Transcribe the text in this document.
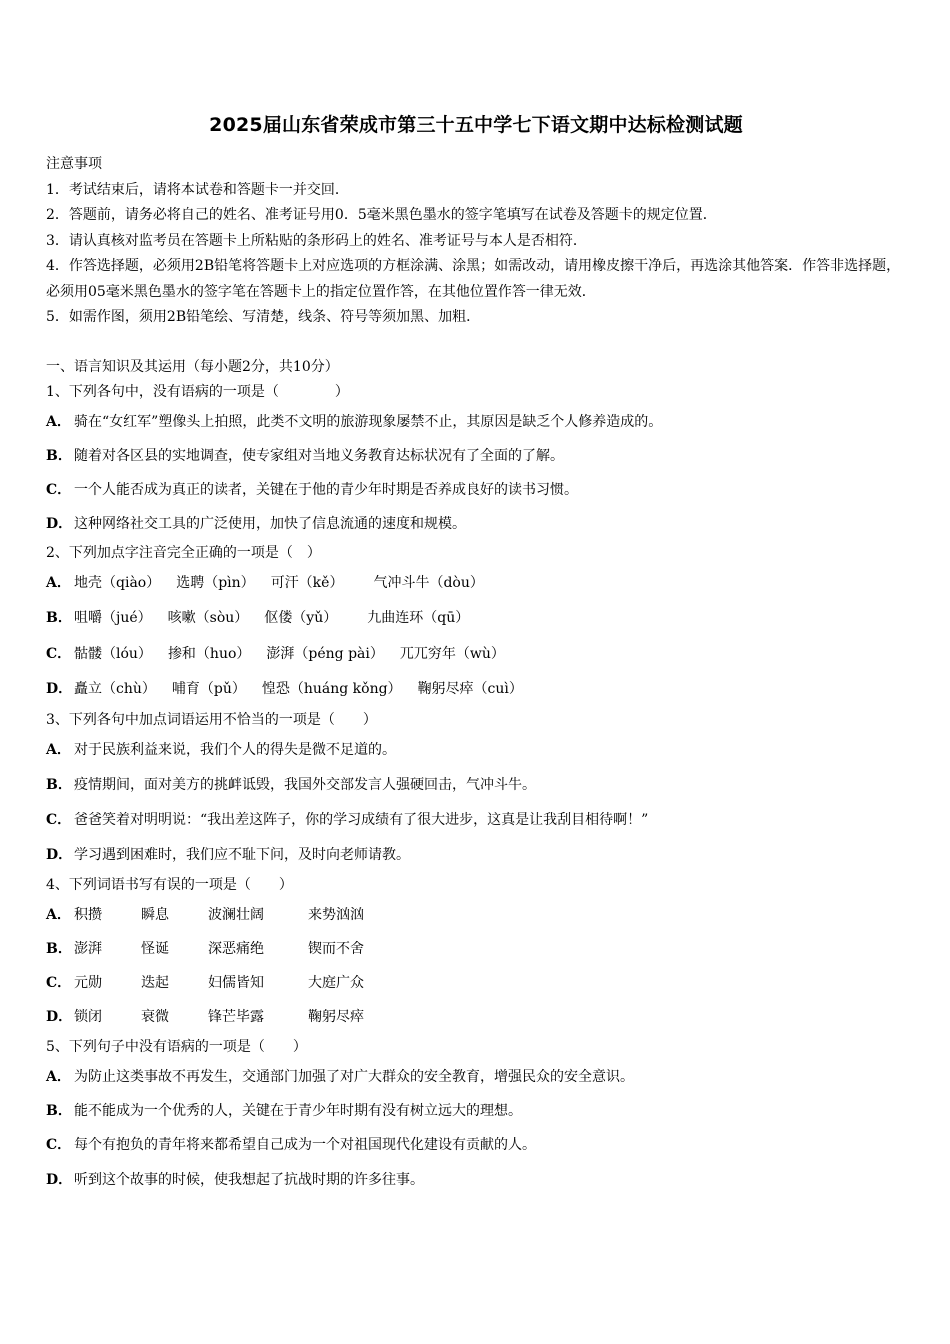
2025届山东省荣成市第三十五中学七下语文期中达标检测试题
注意事项
1．考试结束后，请将本试卷和答题卡一并交回．
2．答题前，请务必将自己的姓名、准考证号用0．5毫米黑色墨水的签字笔填写在试卷及答题卡的规定位置．
3．请认真核对监考员在答题卡上所粘贴的条形码上的姓名、准考证号与本人是否相符．
4．作答选择题，必须用2B铅笔将答题卡上对应选项的方框涂满、涂黑；如需改动，请用橡皮擦干净后，再选涂其他答案．作答非选择题，必须用05毫米黑色墨水的签字笔在答题卡上的指定位置作答，在其他位置作答一律无效．
5．如需作图，须用2B铅笔绘、写清楚，线条、符号等须加黑、加粗．
一、语言知识及其运用（每小题2分，共10分）
1、下列各句中，没有语病的一项是（　　　　）
A． 骑在“女红军”塑像头上拍照，此类不文明的旅游现象屡禁不止，其原因是缺乏个人修养造成的。
B． 随着对各区县的实地调查，使专家组对当地义务教育达标状况有了全面的了解。
C． 一个人能否成为真正的读者，关键在于他的青少年时期是否养成良好的读书习惯。
D． 这种网络社交工具的广泛使用，加快了信息流通的速度和规模。
2、下列加点字注音完全正确的一项是（　）
A． 地壳（qiào） 选聘（pìn） 可汗（kě）　气冲斗牛（dòu）
B． 咀嚼（jué） 咳嗽（sòu） 伛偻（yǔ）　九曲连环（qū）
C． 骷髅（lóu） 掺和（huo） 澎湃（péng pài） 兀兀穷年（wù）
D． 矗立（chù） 哺育（pǔ） 惶恐（huáng kǒng） 鞠躬尽瘁（cuì）
3、下列各句中加点词语运用不恰当的一项是（　　）
A． 对于民族利益来说，我们个人的得失是微不足道的。
B． 疫情期间，面对美方的挑衅诋毁，我国外交部发言人强硬回击，气冲斗牛。
C． 爸爸笑着对明明说：“我出差这阵子，你的学习成绩有了很大进步，这真是让我刮目相待啊！”
D． 学习遇到困难时，我们应不耻下问，及时向老师请教。
4、下列词语书写有误的一项是（　　）
A． 积攒	瞬息	波澜壮阔	来势汹汹
B． 澎湃	怪诞	深恶痛绝	锲而不舍
C． 元勋	迭起	妇儒皆知	大庭广众
D． 锁闭	衰微	锋芒毕露	鞠躬尽瘁
5、下列句子中没有语病的一项是（　　）
A． 为防止这类事故不再发生，交通部门加强了对广大群众的安全教育，增强民众的安全意识。
B． 能不能成为一个优秀的人，关键在于青少年时期有没有树立远大的理想。
C． 每个有抱负的青年将来都希望自己成为一个对祖国现代化建设有贡献的人。
D． 听到这个故事的时候，使我想起了抗战时期的许多往事。
